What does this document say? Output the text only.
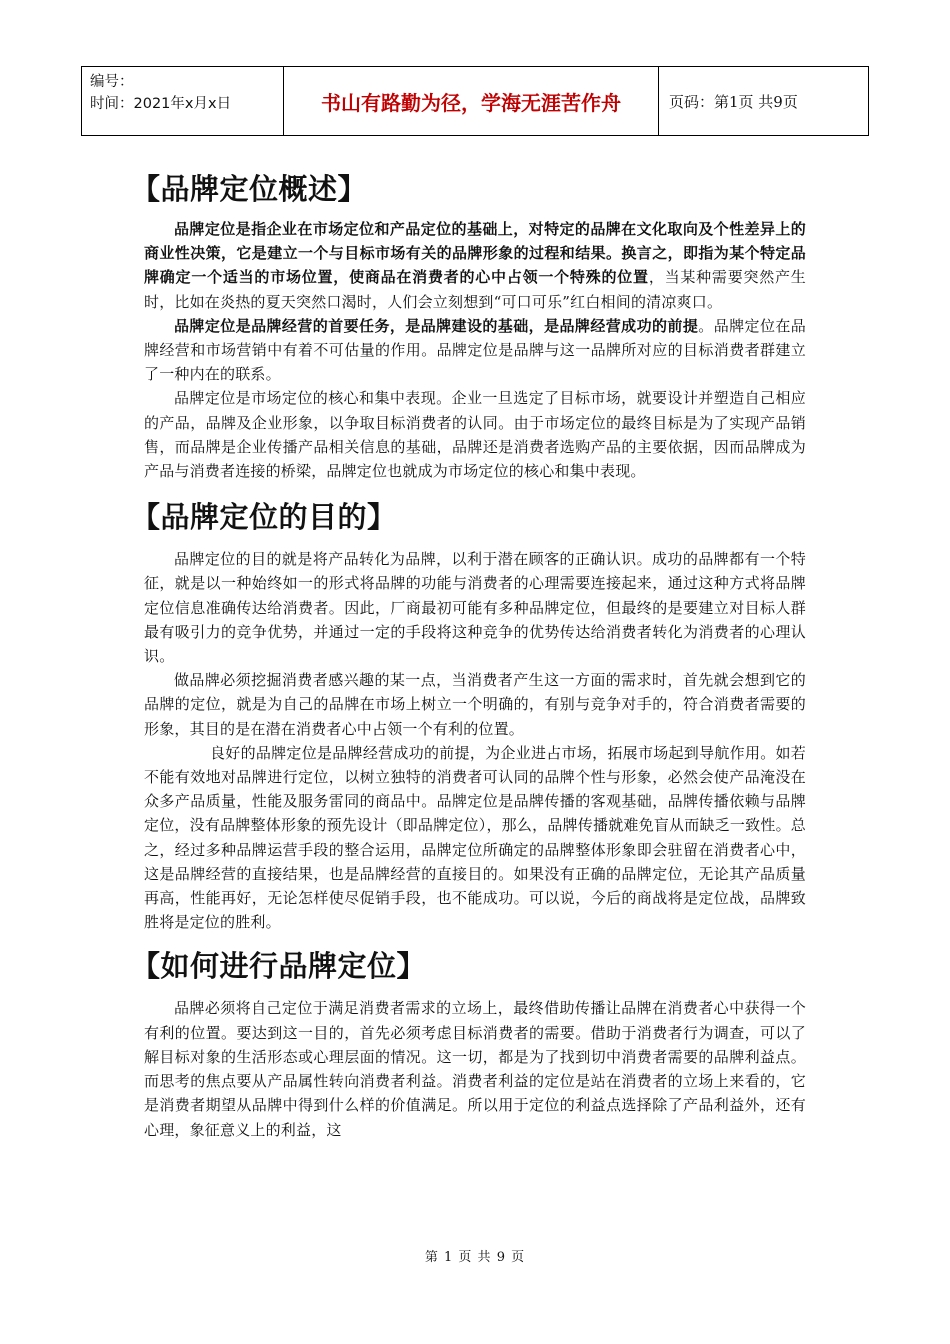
编号：
时间：2021年x月x日	书山有路勤为径，学海无涯苦作舟	页码：第1页 共9页
【品牌定位概述】

品牌定位是指企业在市场定位和产品定位的基础上，对特定的品牌在文化取向及个性差异上的商业性决策，它是建立一个与目标市场有关的品牌形象的过程和结果。换言之，即指为某个特定品牌确定一个适当的市场位置，使商品在消费者的心中占领一个特殊的位置，当某种需要突然产生时，比如在炎热的夏天突然口渴时，人们会立刻想到“可口可乐”红白相间的清凉爽口。

品牌定位是品牌经营的首要任务，是品牌建设的基础，是品牌经营成功的前提。品牌定位在品牌经营和市场营销中有着不可估量的作用。品牌定位是品牌与这一品牌所对应的目标消费者群建立了一种内在的联系。

品牌定位是市场定位的核心和集中表现。企业一旦选定了目标市场，就要设计并塑造自己相应的产品，品牌及企业形象，以争取目标消费者的认同。由于市场定位的最终目标是为了实现产品销售，而品牌是企业传播产品相关信息的基础，品牌还是消费者选购产品的主要依据，因而品牌成为产品与消费者连接的桥梁，品牌定位也就成为市场定位的核心和集中表现。

【品牌定位的目的】

品牌定位的目的就是将产品转化为品牌，以利于潜在顾客的正确认识。成功的品牌都有一个特征，就是以一种始终如一的形式将品牌的功能与消费者的心理需要连接起来，通过这种方式将品牌定位信息准确传达给消费者。因此，厂商最初可能有多种品牌定位，但最终的是要建立对目标人群最有吸引力的竞争优势，并通过一定的手段将这种竞争的优势传达给消费者转化为消费者的心理认识。

做品牌必须挖掘消费者感兴趣的某一点，当消费者产生这一方面的需求时，首先就会想到它的品牌的定位，就是为自己的品牌在市场上树立一个明确的，有别与竞争对手的，符合消费者需要的形象，其目的是在潜在消费者心中占领一个有利的位置。

良好的品牌定位是品牌经营成功的前提，为企业进占市场，拓展市场起到导航作用。如若不能有效地对品牌进行定位，以树立独特的消费者可认同的品牌个性与形象，必然会使产品淹没在众多产品质量，性能及服务雷同的商品中。品牌定位是品牌传播的客观基础，品牌传播依赖与品牌定位，没有品牌整体形象的预先设计（即品牌定位），那么，品牌传播就难免盲从而缺乏一致性。总之，经过多种品牌运营手段的整合运用，品牌定位所确定的品牌整体形象即会驻留在消费者心中，这是品牌经营的直接结果，也是品牌经营的直接目的。如果没有正确的品牌定位，无论其产品质量再高，性能再好，无论怎样使尽促销手段，也不能成功。可以说，今后的商战将是定位战，品牌致胜将是定位的胜利。

【如何进行品牌定位】

品牌必须将自己定位于满足消费者需求的立场上，最终借助传播让品牌在消费者心中获得一个有利的位置。要达到这一目的，首先必须考虑目标消费者的需要。借助于消费者行为调查，可以了解目标对象的生活形态或心理层面的情况。这一切，都是为了找到切中消费者需要的品牌利益点。而思考的焦点要从产品属性转向消费者利益。消费者利益的定位是站在消费者的立场上来看的，它是消费者期望从品牌中得到什么样的价值满足。所以用于定位的利益点选择除了产品利益外，还有心理，象征意义上的利益，这

第 1 页 共 9 页
